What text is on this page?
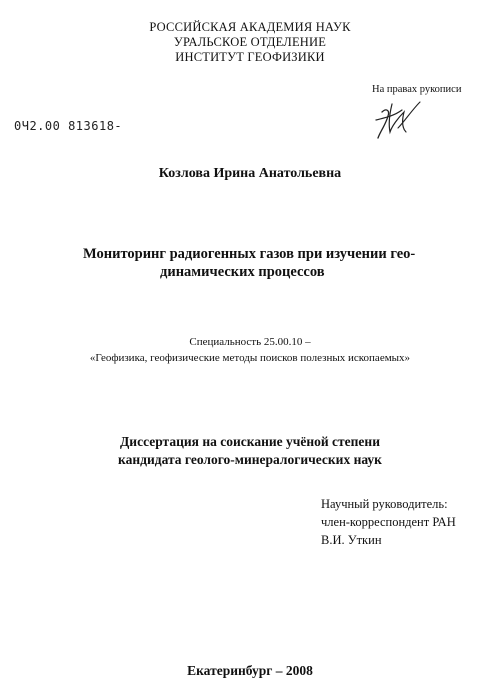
РОССИЙСКАЯ АКАДЕМИЯ НАУК
УРАЛЬСКОЕ ОТДЕЛЕНИЕ
ИНСТИТУТ ГЕОФИЗИКИ
На правах рукописи
0Ч2.00 813618-
Козлова Ирина Анатольевна
Мониторинг радиогенных газов при изучении гео-
динамических процессов
Специальность 25.00.10 –
«Геофизика, геофизические методы поисков полезных ископаемых»
Диссертация на соискание учёной степени
кандидата геолого-минералогических наук
Научный руководитель:
член-корреспондент РАН
В.И. Уткин
Екатеринбург – 2008
